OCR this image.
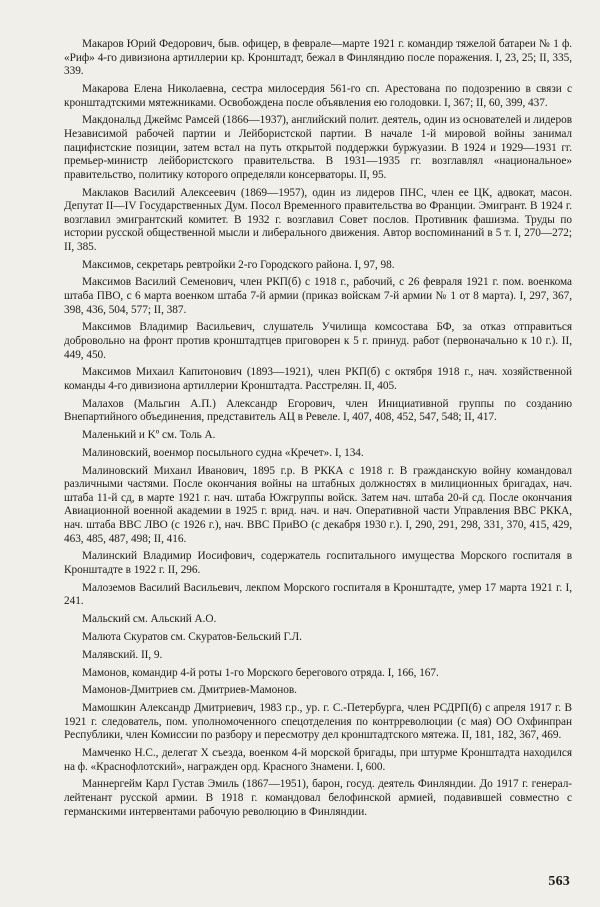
Макаров Юрий Федорович, быв. офицер, в феврале—марте 1921 г. командир тяжелой батареи № 1 ф. «Риф» 4-го дивизиона артиллерии кр. Кронштадт, бежал в Финляндию после поражения. I, 23, 25; II, 335, 339.

Макарова Елена Николаевна, сестра милосердия 561-го сп. Арестована по подозрению в связи с кронштадтскими мятежниками. Освобождена после объявления ею голодовки. I, 367; II, 60, 399, 437.

Макдональд Джеймс Рамсей (1866—1937), английский полит. деятель, один из основателей и лидеров Независимой рабочей партии и Лейбористской партии. В начале 1-й мировой войны занимал пацифистские позиции, затем встал на путь открытой поддержки буржуазии. В 1924 и 1929—1931 гг. премьер-министр лейбористского правительства. В 1931—1935 гг. возглавлял «национальное» правительство, политику которого определяли консерваторы. II, 95.

Маклаков Василий Алексеевич (1869—1957), один из лидеров ПНС, член ее ЦК, адвокат, масон. Депутат II—IV Государственных Дум. Посол Временного правительства во Франции. Эмигрант. В 1924 г. возглавил эмигрантский комитет. В 1932 г. возглавил Совет послов. Противник фашизма. Труды по истории русской общественной мысли и либерального движения. Автор воспоминаний в 5 т. I, 270—272; II, 385.

Максимов, секретарь ревтройки 2-го Городского района. I, 97, 98.

Максимов Василий Семенович, член РКП(б) с 1918 г., рабочий, с 26 февраля 1921 г. пом. военкома штаба ПВО, с 6 марта военком штаба 7-й армии (приказ войскам 7-й армии № 1 от 8 марта). I, 297, 367, 398, 436, 504, 577; II, 387.

Максимов Владимир Васильевич, слушатель Училища комсостава БФ, за отказ отправиться добровольно на фронт против кронштадтцев приговорен к 5 г. принуд. работ (первоначально к 10 г.). II, 449, 450.

Максимов Михаил Капитонович (1893—1921), член РКП(б) с октября 1918 г., нач. хозяйственной команды 4-го дивизиона артиллерии Кронштадта. Расстрелян. II, 405.

Малахов (Мальгин А.П.) Александр Егорович, член Инициативной группы по созданию Внепартийного объединения, представитель АЦ в Ревеле. I, 407, 408, 452, 547, 548; II, 417.

Маленький и Kº см. Толь А.

Малиновский, военмор посыльного судна «Кречет». I, 134.

Малиновский Михаил Иванович, 1895 г.р. В РККА с 1918 г. В гражданскую войну командовал различными частями. После окончания войны на штабных должностях в милиционных бригадах, нач. штаба 11-й сд, в марте 1921 г. нач. штаба Южгруппы войск. Затем нач. штаба 20-й сд. После окончания Авиационной военной академии в 1925 г. врид. нач. и нач. Оперативной части Управления ВВС РККА, нач. штаба ВВС ЛВО (с 1926 г.), нач. ВВС ПриВО (с декабря 1930 г.). I, 290, 291, 298, 331, 370, 415, 429, 463, 485, 487, 498; II, 416.

Малинский Владимир Иосифович, содержатель госпитального имущества Морского госпиталя в Кронштадте в 1922 г. II, 296.

Малоземов Василий Васильевич, лекпом Морского госпиталя в Кронштадте, умер 17 марта 1921 г. I, 241.

Мальский см. Альский А.О.

Малюта Скуратов см. Скуратов-Бельский Г.Л.

Малявский. II, 9.

Мамонов, командир 4-й роты 1-го Морского берегового отряда. I, 166, 167.

Мамонов-Дмитриев см. Дмитриев-Мамонов.

Мамошкин Александр Дмитриевич, 1983 г.р., ур. г. С.-Петербурга, член РСДРП(б) с апреля 1917 г. В 1921 г. следователь, пом. уполномоченного спецотделения по контрреволюции (с мая) ОО Охфинпран Республики, член Комиссии по разбору и пересмотру дел кронштадтского мятежа. II, 181, 182, 367, 469.

Мамченко Н.С., делегат X съезда, военком 4-й морской бригады, при штурме Кронштадта находился на ф. «Краснофлотский», награжден орд. Красного Знамени. I, 600.

Маннергейм Карл Густав Эмиль (1867—1951), барон, госуд. деятель Финляндии. До 1917 г. генерал-лейтенант русской армии. В 1918 г. командовал белофинской армией, подавившей совместно с германскими интервентами рабочую революцию в Финляндии.

563
